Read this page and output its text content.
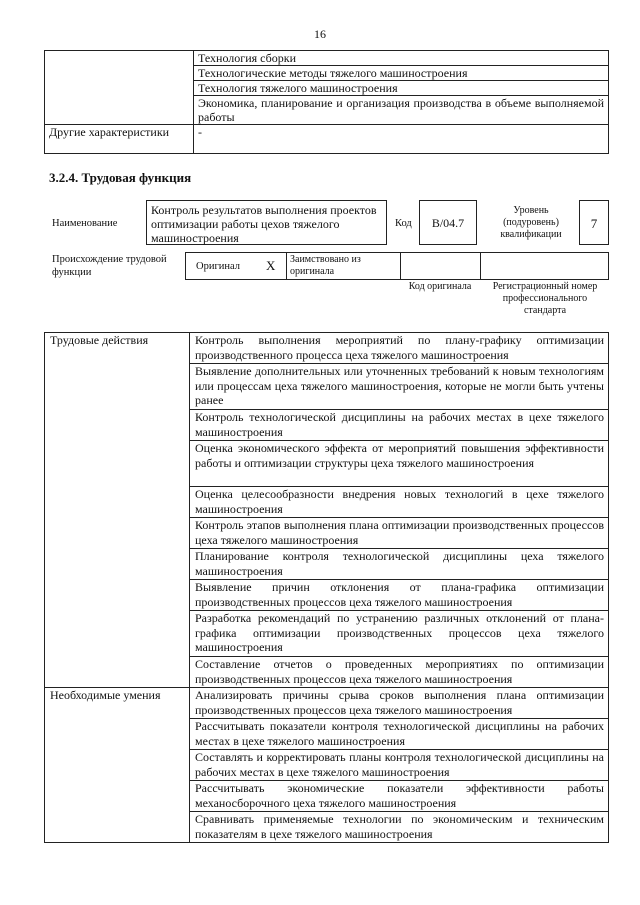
16
	Технология сборки
	Технологические методы тяжелого машиностроения
	Технология тяжелого машиностроения
	Экономика, планирование и организация производства в объеме выполняемой работы
Другие характеристики	-
3.2.4. Трудовая функция
Наименование
Контроль результатов выполнения проектов оптимизации работы цехов тяжелого машиностроения
Код	B/04.7
Уровень (подуровень) квалификации
7
Происхождение трудовой функции
Оригинал X Заимствовано из оригинала
Код оригинала	Регистрационный номер профессионального стандарта
Трудовые действия	Контроль выполнения мероприятий по плану-графику оптимизации производственного процесса цеха тяжелого машиностроения

	Выявление дополнительных или уточненных требований к новым технологиям или процессам цеха тяжелого машиностроения, которые не могли быть учтены ранее

	Контроль технологической дисциплины на рабочих местах в цехе тяжелого машиностроения

	Оценка экономического эффекта от мероприятий повышения эффективности работы и оптимизации структуры цеха тяжелого машиностроения

	Оценка целесообразности внедрения новых технологий в цехе тяжелого машиностроения

	Контроль этапов выполнения плана оптимизации производственных процессов цеха тяжелого машиностроения

	Планирование контроля технологической дисциплины цеха тяжелого машиностроения

	Выявление причин отклонения от плана-графика оптимизации производственных процессов цеха тяжелого машиностроения

	Разработка рекомендаций по устранению различных отклонений от плана-графика оптимизации производственных процессов цеха тяжелого машиностроения

	Составление отчетов о проведенных мероприятиях по оптимизации производственных процессов цеха тяжелого машиностроения

Необходимые умения	Анализировать причины срыва сроков выполнения плана оптимизации производственных процессов цеха тяжелого машиностроения

	Рассчитывать показатели контроля технологической дисциплины на рабочих местах в цехе тяжелого машиностроения

	Составлять и корректировать планы контроля технологической дисциплины на рабочих местах в цехе тяжелого машиностроения

	Рассчитывать экономические показатели эффективности работы механосборочного цеха тяжелого машиностроения

	Сравнивать применяемые технологии по экономическим и техническим показателям в цехе тяжелого машиностроения
